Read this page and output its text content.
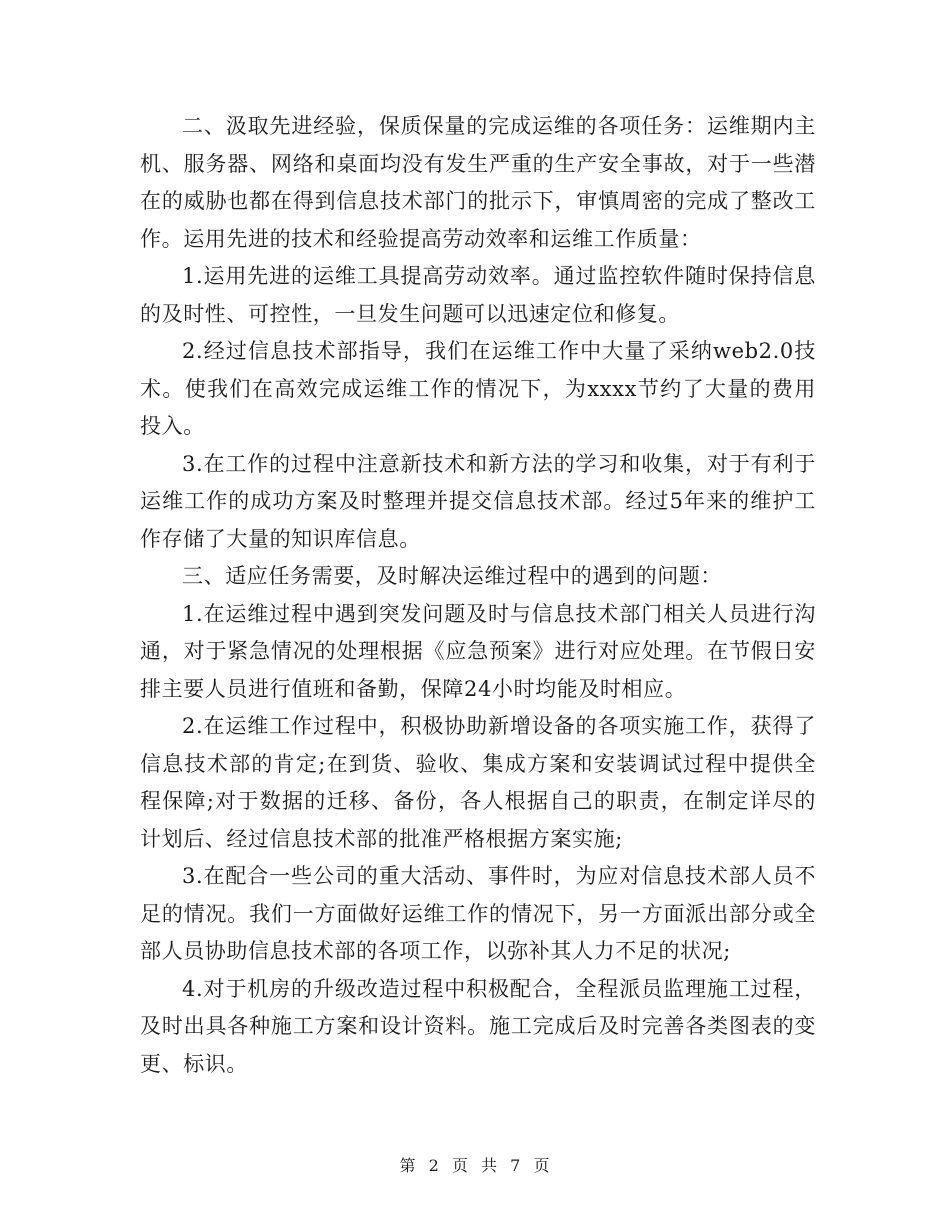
二、汲取先进经验，保质保量的完成运维的各项任务：运维期内主机、服务器、网络和桌面均没有发生严重的生产安全事故，对于一些潜在的威胁也都在得到信息技术部门的批示下，审慎周密的完成了整改工作。运用先进的技术和经验提高劳动效率和运维工作质量：

1.运用先进的运维工具提高劳动效率。通过监控软件随时保持信息的及时性、可控性，一旦发生问题可以迅速定位和修复。

2.经过信息技术部指导，我们在运维工作中大量了采纳web2.0技术。使我们在高效完成运维工作的情况下，为xxxx节约了大量的费用投入。

3.在工作的过程中注意新技术和新方法的学习和收集，对于有利于运维工作的成功方案及时整理并提交信息技术部。经过5年来的维护工作存储了大量的知识库信息。

三、适应任务需要，及时解决运维过程中的遇到的问题：

1.在运维过程中遇到突发问题及时与信息技术部门相关人员进行沟通，对于紧急情况的处理根据《应急预案》进行对应处理。在节假日安排主要人员进行值班和备勤，保障24小时均能及时相应。

2.在运维工作过程中，积极协助新增设备的各项实施工作，获得了信息技术部的肯定;在到货、验收、集成方案和安装调试过程中提供全程保障;对于数据的迁移、备份，各人根据自己的职责，在制定详尽的计划后、经过信息技术部的批准严格根据方案实施;

3.在配合一些公司的重大活动、事件时，为应对信息技术部人员不足的情况。我们一方面做好运维工作的情况下，另一方面派出部分或全部人员协助信息技术部的各项工作，以弥补其人力不足的状况;

4.对于机房的升级改造过程中积极配合，全程派员监理施工过程，及时出具各种施工方案和设计资料。施工完成后及时完善各类图表的变更、标识。

第 2 页 共 7 页
